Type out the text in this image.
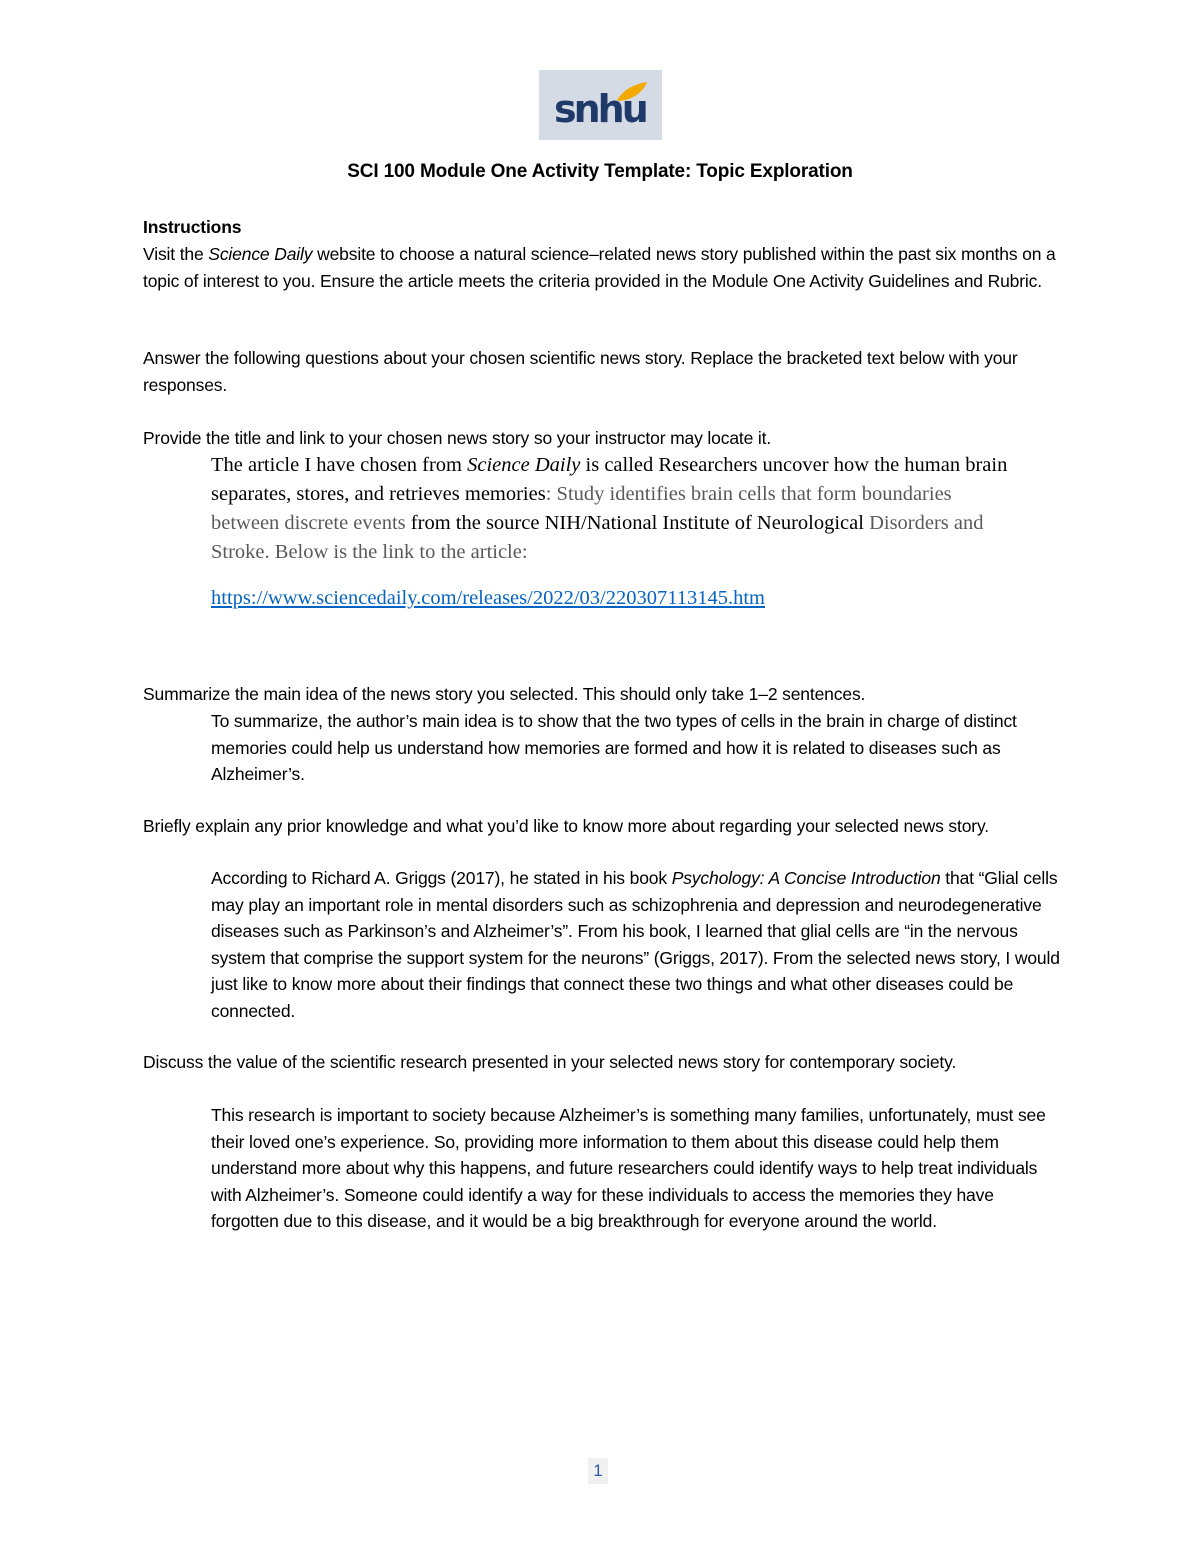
snhu
SCI 100 Module One Activity Template: Topic Exploration
Instructions
Visit the Science Daily website to choose a natural science–related news story published within the past six months on a topic of interest to you. Ensure the article meets the criteria provided in the Module One Activity Guidelines and Rubric.
Answer the following questions about your chosen scientific news story. Replace the bracketed text below with your responses.
Provide the title and link to your chosen news story so your instructor may locate it.
The article I have chosen from Science Daily is called Researchers uncover how the human brain separates, stores, and retrieves memories: Study identifies brain cells that form boundaries between discrete events from the source NIH/National Institute of Neurological Disorders and Stroke. Below is the link to the article:
https://www.sciencedaily.com/releases/2022/03/220307113145.htm
Summarize the main idea of the news story you selected. This should only take 1–2 sentences.
To summarize, the author’s main idea is to show that the two types of cells in the brain in charge of distinct memories could help us understand how memories are formed and how it is related to diseases such as Alzheimer’s.
Briefly explain any prior knowledge and what you’d like to know more about regarding your selected news story.
According to Richard A. Griggs (2017), he stated in his book Psychology: A Concise Introduction that “Glial cells may play an important role in mental disorders such as schizophrenia and depression and neurodegenerative diseases such as Parkinson’s and Alzheimer’s”. From his book, I learned that glial cells are “in the nervous system that comprise the support system for the neurons” (Griggs, 2017). From the selected news story, I would just like to know more about their findings that connect these two things and what other diseases could be connected.
Discuss the value of the scientific research presented in your selected news story for contemporary society.
This research is important to society because Alzheimer’s is something many families, unfortunately, must see their loved one’s experience. So, providing more information to them about this disease could help them understand more about why this happens, and future researchers could identify ways to help treat individuals with Alzheimer’s. Someone could identify a way for these individuals to access the memories they have forgotten due to this disease, and it would be a big breakthrough for everyone around the world.
1
